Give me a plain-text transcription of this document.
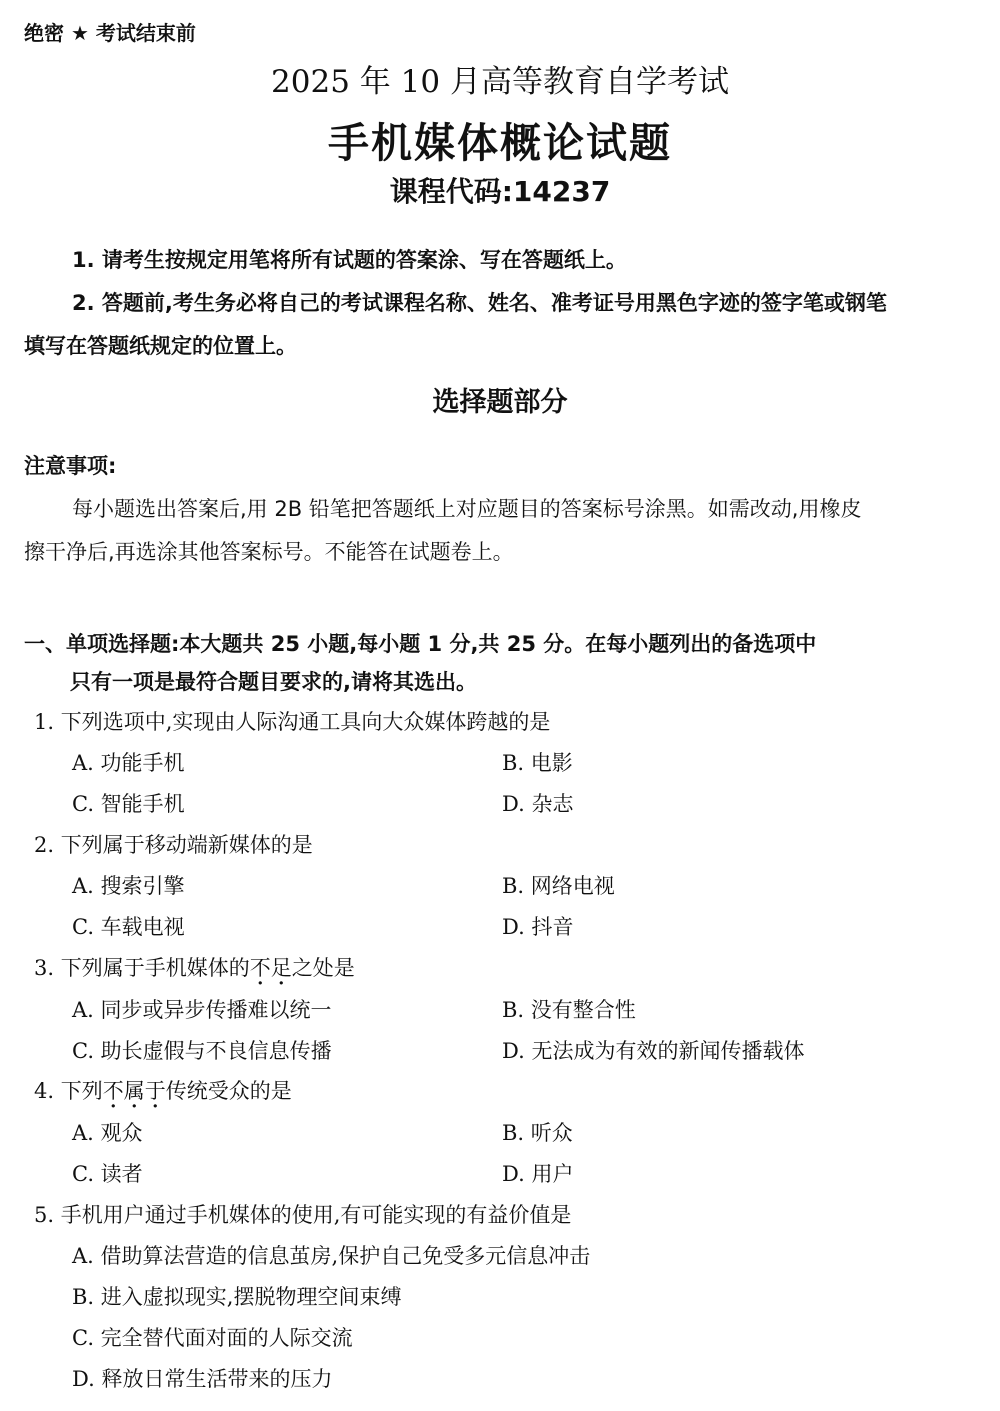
绝密 ★ 考试结束前
2025 年 10 月高等教育自学考试
手机媒体概论试题
课程代码:14237
1. 请考生按规定用笔将所有试题的答案涂、写在答题纸上。
2. 答题前,考生务必将自己的考试课程名称、姓名、准考证号用黑色字迹的签字笔或钢笔
填写在答题纸规定的位置上。
选择题部分
注意事项:
每小题选出答案后,用 2B 铅笔把答题纸上对应题目的答案标号涂黑。如需改动,用橡皮
擦干净后,再选涂其他答案标号。不能答在试题卷上。
一、单项选择题:本大题共 25 小题,每小题 1 分,共 25 分。在每小题列出的备选项中
只有一项是最符合题目要求的,请将其选出。
1. 下列选项中,实现由人际沟通工具向大众媒体跨越的是
A. 功能手机	B. 电影
C. 智能手机	D. 杂志
2. 下列属于移动端新媒体的是
A. 搜索引擎	B. 网络电视
C. 车载电视	D. 抖音
3. 下列属于手机媒体的不足之处是
A. 同步或异步传播难以统一	B. 没有整合性
C. 助长虚假与不良信息传播	D. 无法成为有效的新闻传播载体
4. 下列不属于传统受众的是
A. 观众	B. 听众
C. 读者	D. 用户
5. 手机用户通过手机媒体的使用,有可能实现的有益价值是
A. 借助算法营造的信息茧房,保护自己免受多元信息冲击
B. 进入虚拟现实,摆脱物理空间束缚
C. 完全替代面对面的人际交流
D. 释放日常生活带来的压力
